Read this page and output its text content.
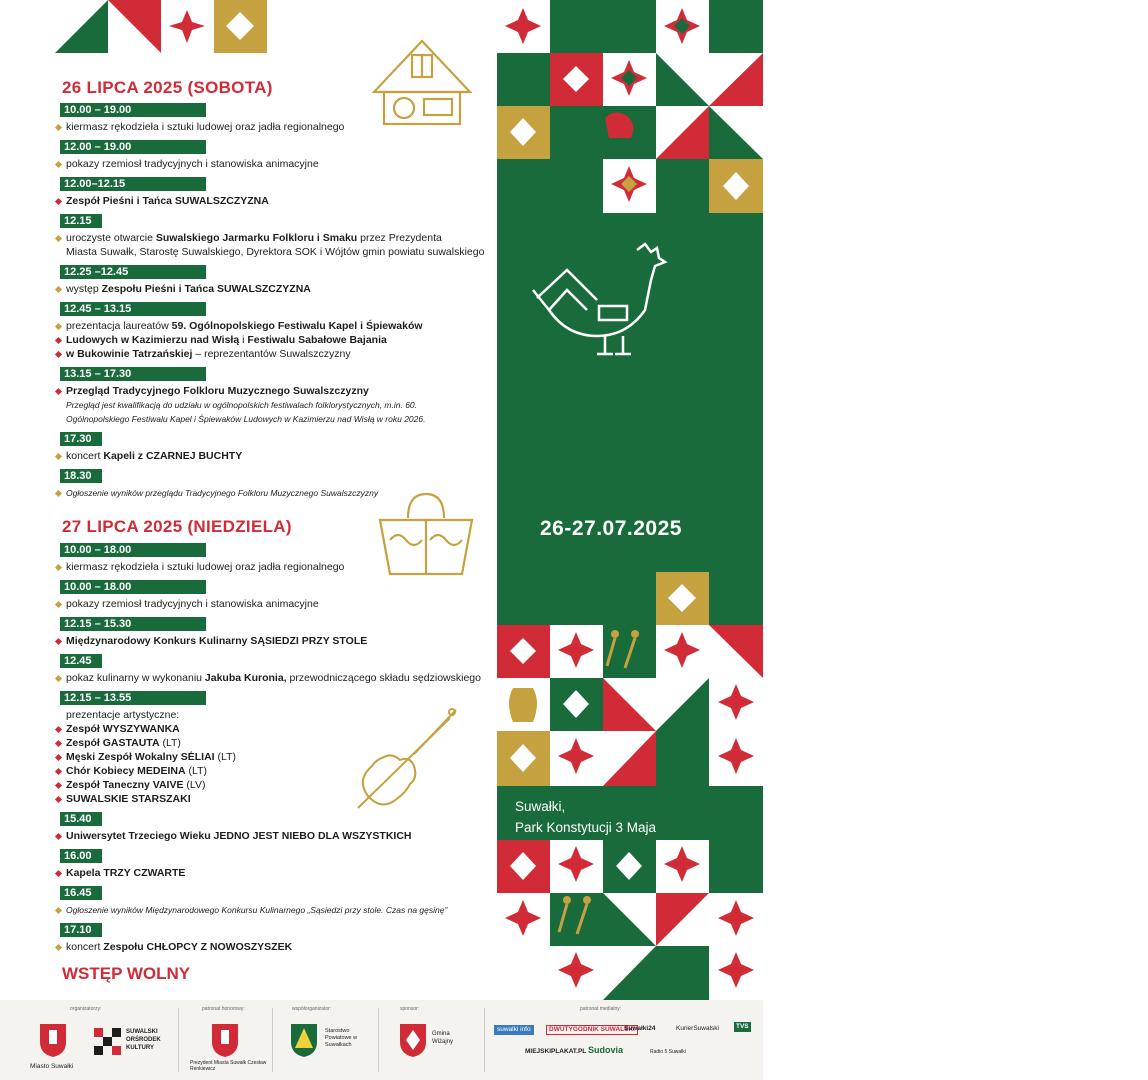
26 LIPCA 2025 (SOBOTA)
10.00 – 19.00
kiermasz rękodzieła i sztuki ludowej oraz jadła regionalnego
12.00 – 19.00
pokazy rzemiosł tradycyjnych i stanowiska animacyjne
12.00–12.15
Zespół Pieśni i Tańca SUWALSZCZYZNA
12.15
uroczyste otwarcie Suwalskiego Jarmarku Folkloru i Smaku przez Prezydenta
Miasta Suwałk, Starostę Suwalskiego, Dyrektora SOK i Wójtów gmin powiatu suwalskiego
12.25 –12.45
występ Zespołu Pieśni i Tańca SUWALSZCZYZNA
12.45 – 13.15
prezentacja laureatów 59. Ogólnopolskiego Festiwalu Kapel i Śpiewaków
Ludowych w Kazimierzu nad Wisłą i Festiwalu Sabałowe Bajania
w Bukowinie Tatrzańskiej – reprezentantów Suwalszczyzny
13.15 – 17.30
Przegląd Tradycyjnego Folkloru Muzycznego Suwalszczyzny
Przegląd jest kwalifikacją do udziału w ogólnopolskich festiwalach folklorystycznych, m.in. 60.
Ogólnopolskiego Festiwalu Kapel i Śpiewaków Ludowych w Kazimierzu nad Wisłą w roku 2026.
17.30
koncert Kapeli z CZARNEJ BUCHTY
18.30
Ogłoszenie wyników przeglądu Tradycyjnego Folkloru Muzycznego Suwalszczyzny
27 LIPCA 2025 (NIEDZIELA)
10.00 – 18.00
kiermasz rękodzieła i sztuki ludowej oraz jadła regionalnego
10.00 – 18.00
pokazy rzemiosł tradycyjnych i stanowiska animacyjne
12.15 – 15.30
Międzynarodowy Konkurs Kulinarny SĄSIEDZI PRZY STOLE
12.45
pokaz kulinarny w wykonaniu Jakuba Kuronia, przewodniczącego składu sędziowskiego
12.15 – 13.55
prezentacje artystyczne:
Zespół WYSZYWANKA
Zespół GASTAUTA (LT)
Męski Zespół Wokalny SĖLIAI (LT)
Chór Kobiecy MEDEINA (LT)
Zespół Taneczny VAIVE (LV)
SUWALSKIE STARSZAKI
15.40
Uniwersytet Trzeciego Wieku JEDNO JEST NIEBO DLA WSZYSTKICH
16.00
Kapela TRZY CZWARTE
16.45
Ogłoszenie wyników Międzynarodowego Konkursu Kulinarnego „Sąsiedzi przy stole. Czas na gęsinę”
17.10
koncert Zespołu CHŁOPCY Z NOWOSZYSZEK
WSTĘP WOLNY
Suwalski
Jarmark
Folkloru
i Smaku
26-27.07.2025
Suwałki,
Park Konstytucji 3 Maja
organizatorzy:	patronat honorowy:	współorganizator:	sponsor:	patronat medialny:
Miasto Suwałki
SUWALSKI ORŚRODEK KULTURY
Prezydent Miasta Suwałk Czesław Renkiewicz
Starostwo Powiatowe w Suwałkach
Gmina Wiżajny
suwalki info	DWUTYGODNIK SUWALSKI
Suwałki24	KurierSuwalski	TVS
MIEJSKIPLAKAT.PL Sudovia	Radio 5 Suwałki
